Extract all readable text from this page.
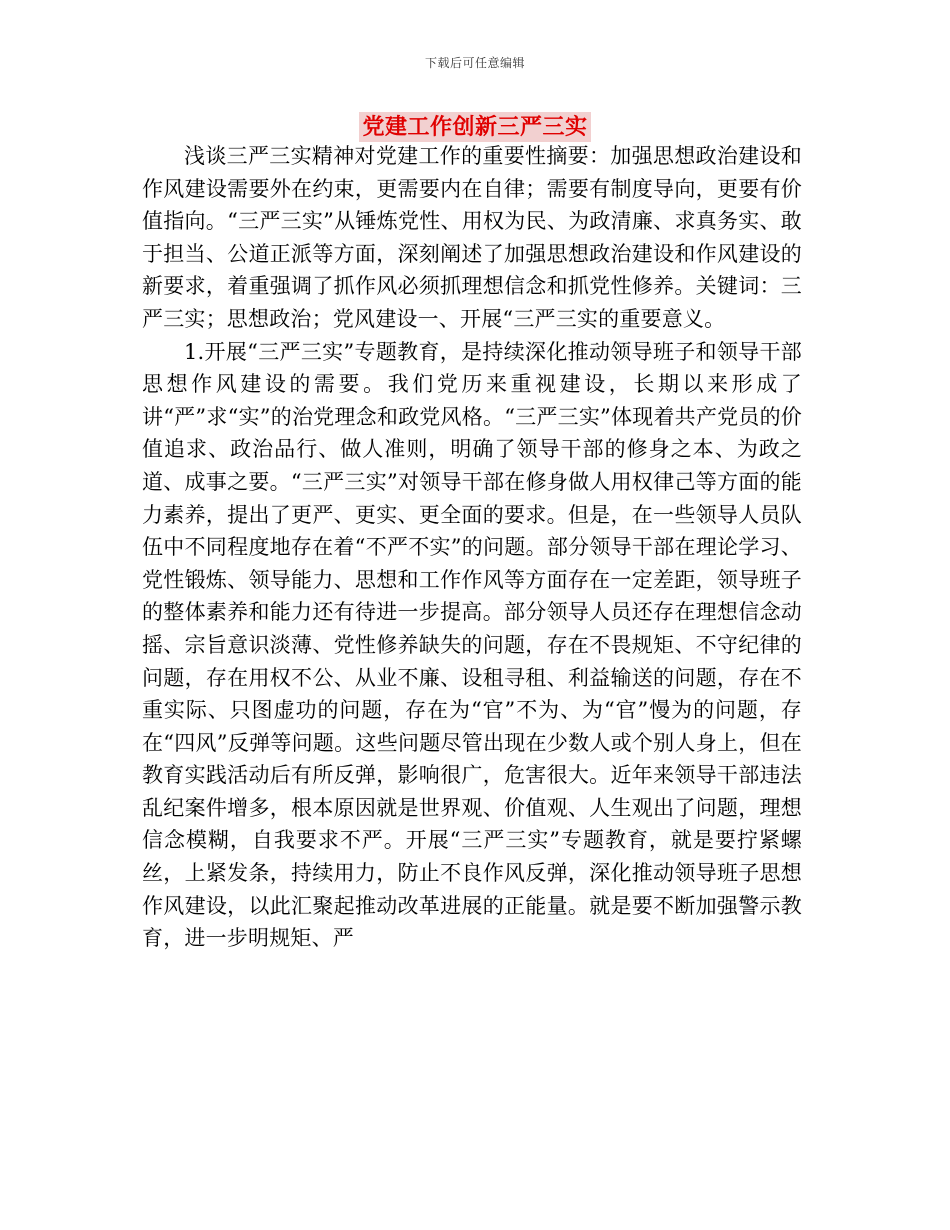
下载后可任意编辑
党建工作创新三严三实

浅谈三严三实精神对党建工作的重要性摘要：加强思想政治建设和作风建设需要外在约束，更需要内在自律；需要有制度导向，更要有价值指向。“三严三实”从锤炼党性、用权为民、为政清廉、求真务实、敢于担当、公道正派等方面，深刻阐述了加强思想政治建设和作风建设的新要求，着重强调了抓作风必须抓理想信念和抓党性修养。关键词：三严三实；思想政治；党风建设一、开展“三严三实的重要意义。

1.开展“三严三实”专题教育，是持续深化推动领导班子和领导干部思想作风建设的需要。我们党历来重视建设，长期以来形成了讲“严”求“实”的治党理念和政党风格。“三严三实”体现着共产党员的价值追求、政治品行、做人准则，明确了领导干部的修身之本、为政之道、成事之要。“三严三实”对领导干部在修身做人用权律己等方面的能力素养，提出了更严、更实、更全面的要求。但是，在一些领导人员队伍中不同程度地存在着“不严不实”的问题。部分领导干部在理论学习、党性锻炼、领导能力、思想和工作作风等方面存在一定差距，领导班子的整体素养和能力还有待进一步提高。部分领导人员还存在理想信念动摇、宗旨意识淡薄、党性修养缺失的问题，存在不畏规矩、不守纪律的问题，存在用权不公、从业不廉、设租寻租、利益输送的问题，存在不重实际、只图虚功的问题，存在为“官”不为、为“官”慢为的问题，存在“四风”反弹等问题。这些问题尽管出现在少数人或个别人身上，但在教育实践活动后有所反弹，影响很广，危害很大。近年来领导干部违法乱纪案件增多，根本原因就是世界观、价值观、人生观出了问题，理想信念模糊，自我要求不严。开展“三严三实”专题教育，就是要拧紧螺丝，上紧发条，持续用力，防止不良作风反弹，深化推动领导班子思想作风建设，以此汇聚起推动改革进展的正能量。就是要不断加强警示教育，进一步明规矩、严
